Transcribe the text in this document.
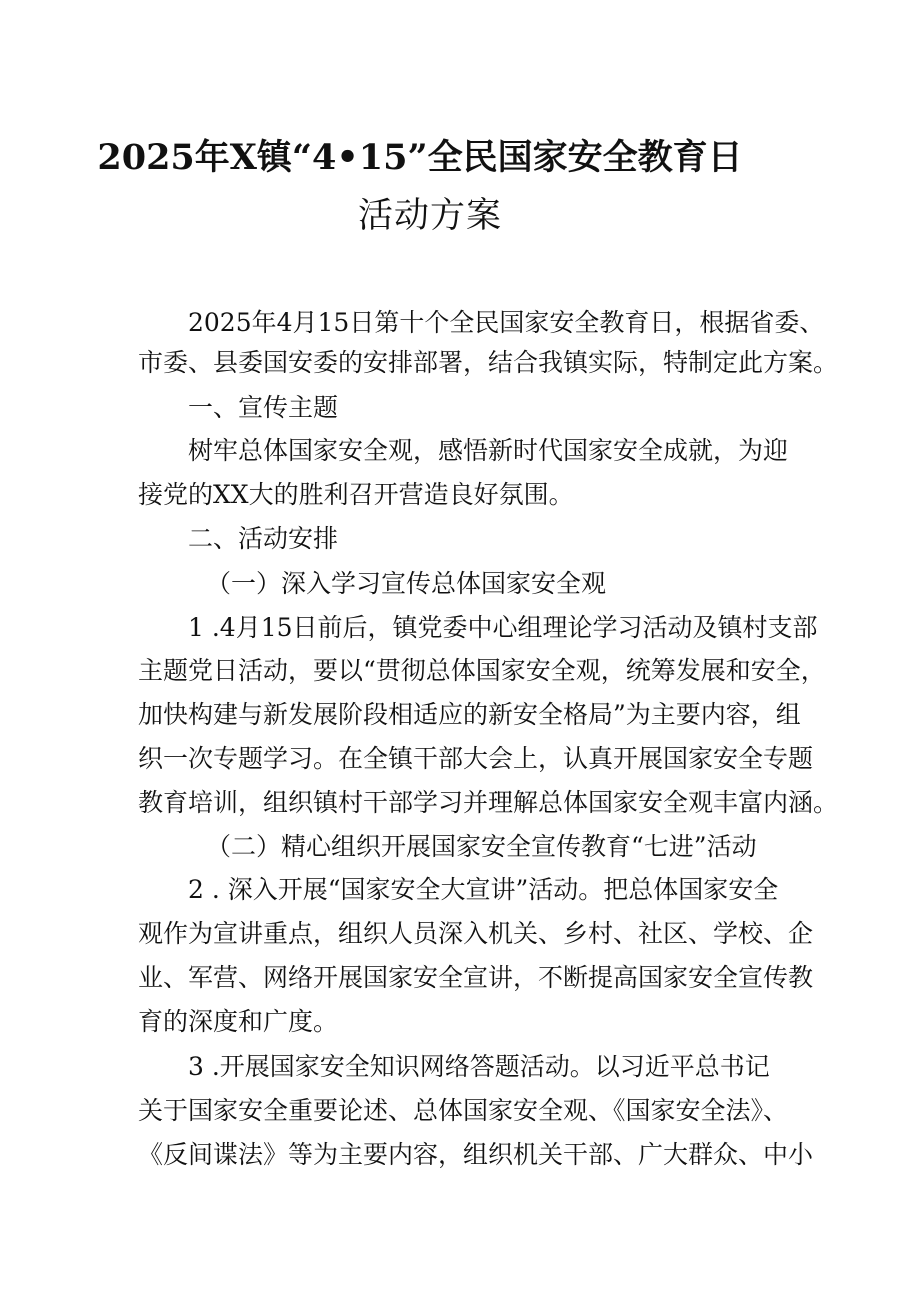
2025年X镇“4•15”全民国家安全教育日
活动方案
2025年4月15日第十个全民国家安全教育日，根据省委、
市委、县委国安委的安排部署，结合我镇实际，特制定此方案。
一、宣传主题
树牢总体国家安全观，感悟新时代国家安全成就，为迎
接党的XX大的胜利召开营造良好氛围。
二、活动安排
（一）深入学习宣传总体国家安全观
1 .4月15日前后，镇党委中心组理论学习活动及镇村支部
主题党日活动，要以“贯彻总体国家安全观，统筹发展和安全，
加快构建与新发展阶段相适应的新安全格局”为主要内容，组
织一次专题学习。在全镇干部大会上，认真开展国家安全专题
教育培训，组织镇村干部学习并理解总体国家安全观丰富内涵。
（二）精心组织开展国家安全宣传教育“七进”活动
2 . 深入开展“国家安全大宣讲”活动。把总体国家安全
观作为宣讲重点，组织人员深入机关、乡村、社区、学校、企
业、军营、网络开展国家安全宣讲，不断提高国家安全宣传教
育的深度和广度。
3 .开展国家安全知识网络答题活动。以习近平总书记
关于国家安全重要论述、总体国家安全观、《国家安全法》、
《反间谍法》等为主要内容，组织机关干部、广大群众、中小
